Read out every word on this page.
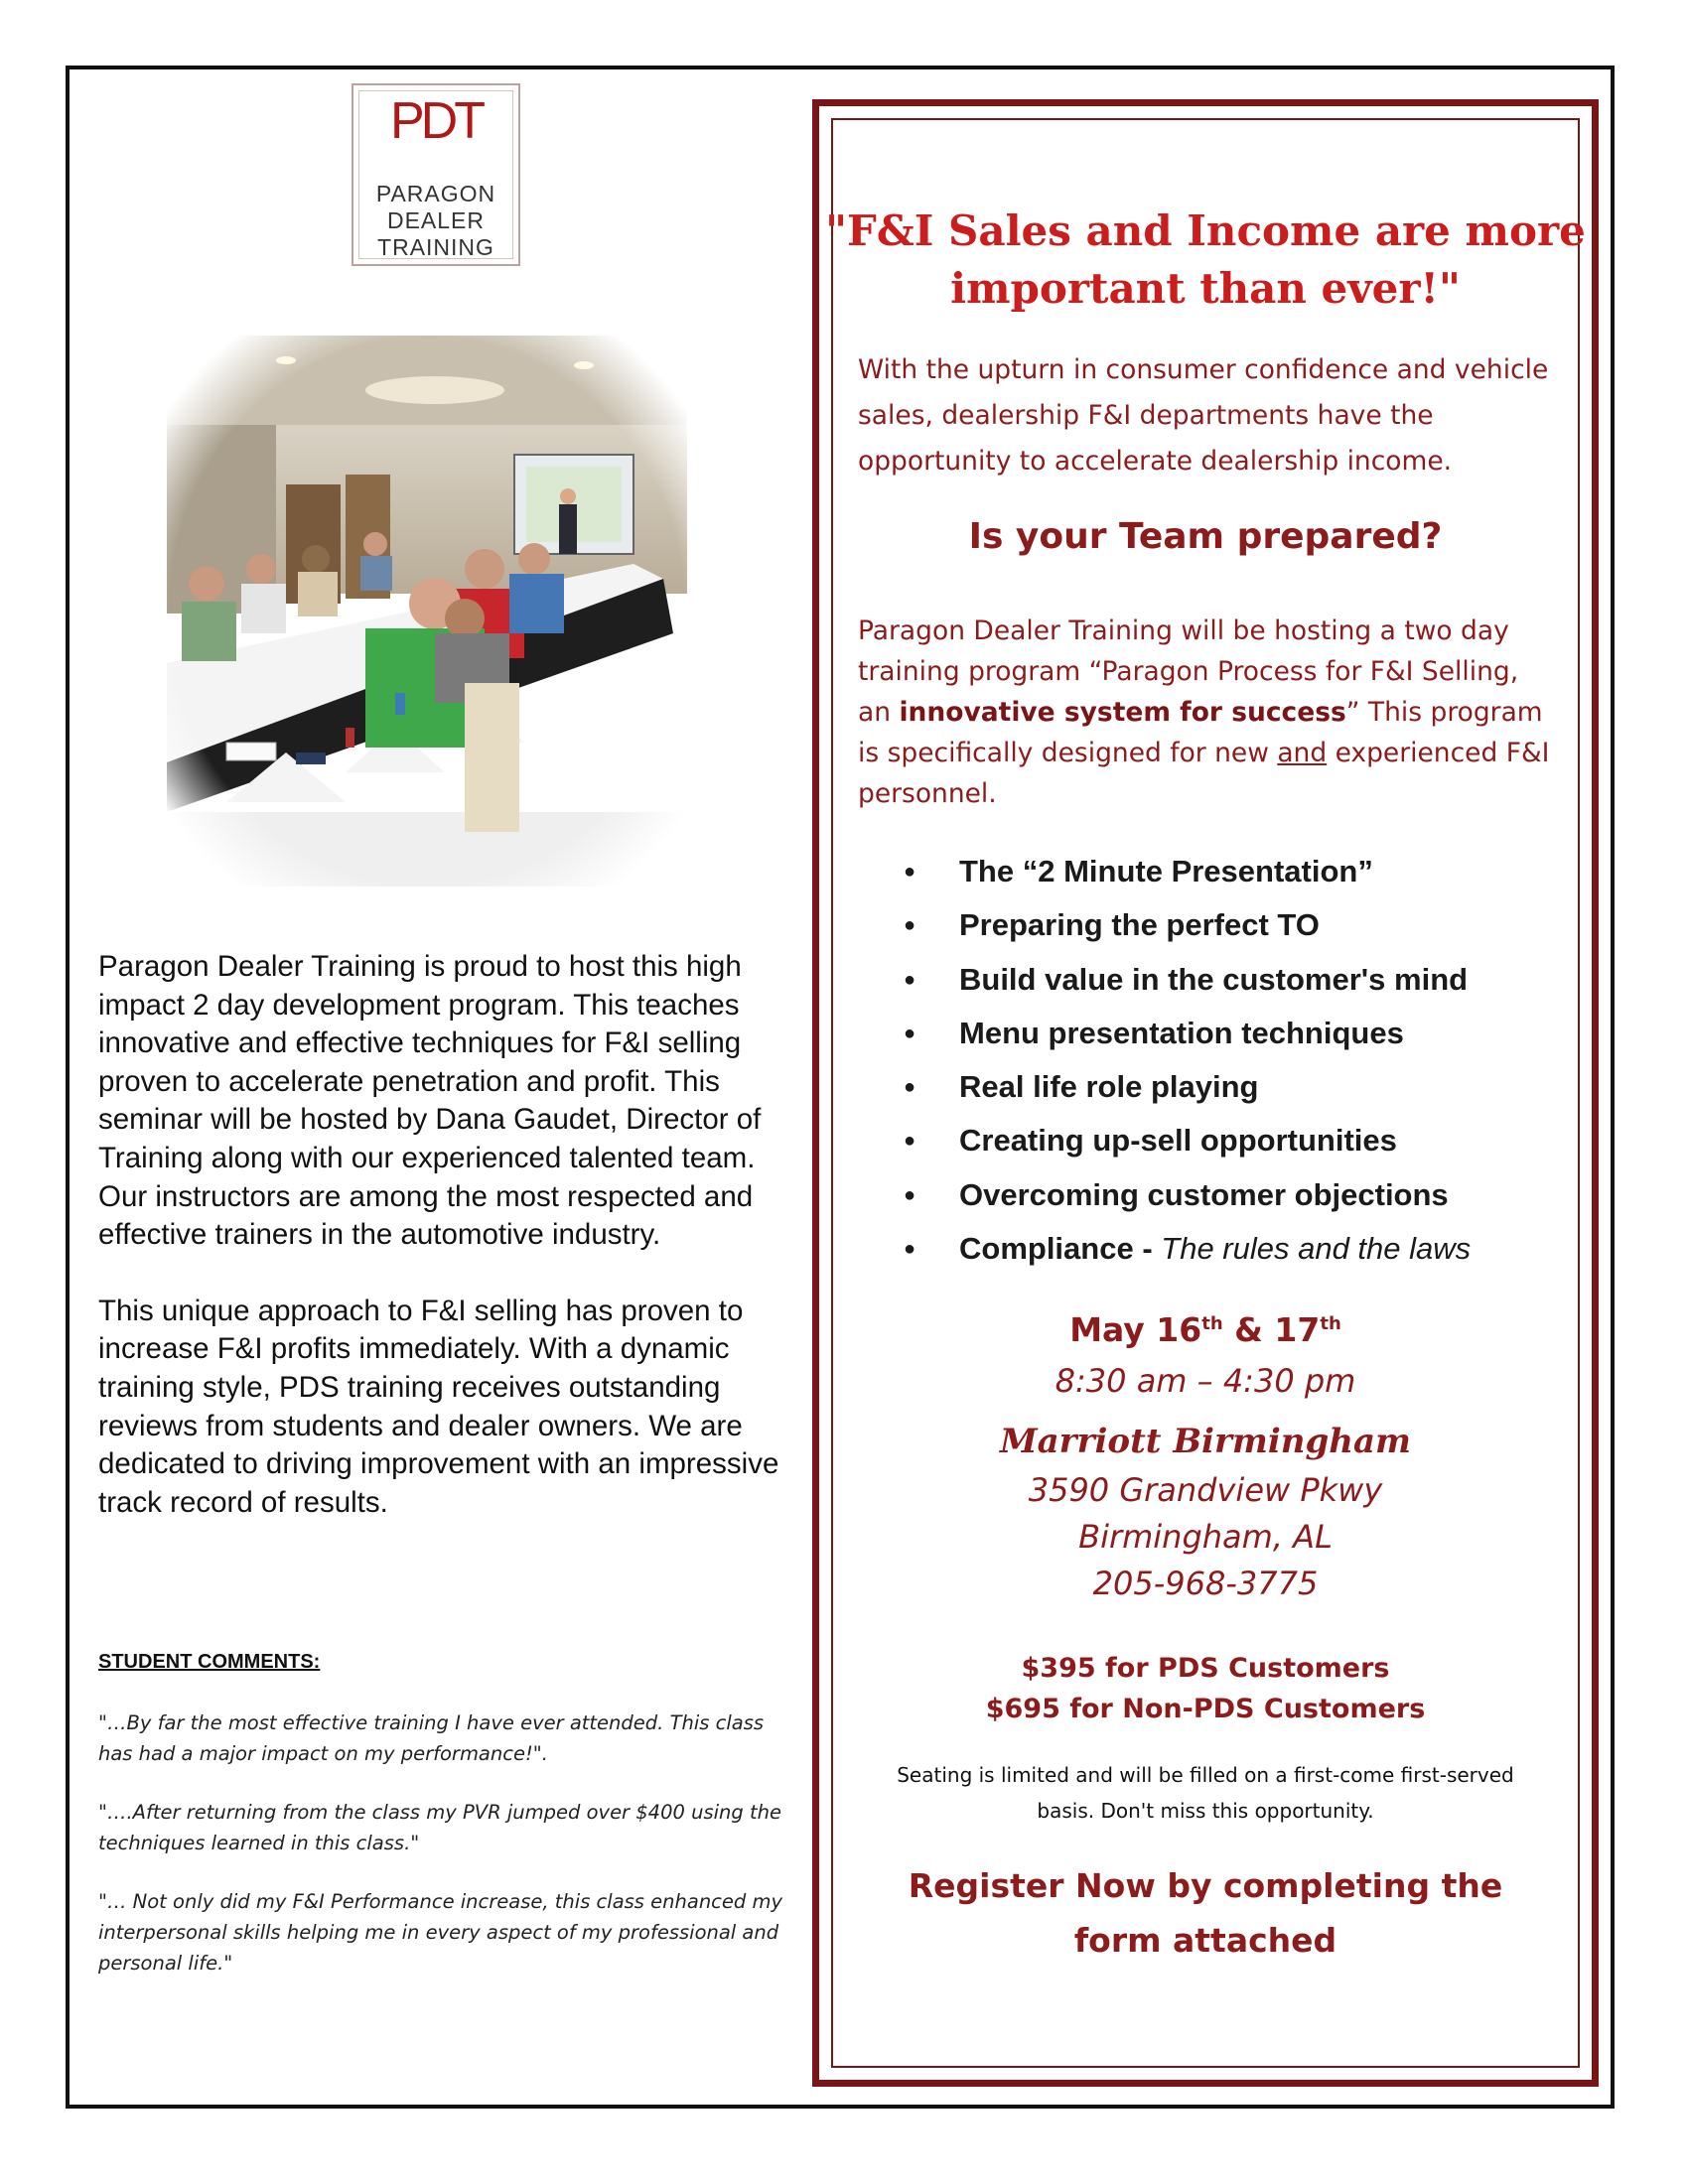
PDT
PARAGON
DEALER
TRAINING

Paragon Dealer Training is proud to host this high impact 2 day development program. This teaches innovative and effective techniques for F&I selling proven to accelerate penetration and profit. This seminar will be hosted by Dana Gaudet, Director of Training along with our experienced talented team. Our instructors are among the most respected and effective trainers in the automotive industry.

This unique approach to F&I selling has proven to increase F&I profits immediately. With a dynamic training style, PDS training receives outstanding reviews from students and dealer owners. We are dedicated to driving improvement with an impressive track record of results.

STUDENT COMMENTS:

"…By far the most effective training I have ever attended. This class has had a major impact on my performance!".

"….After returning from the class my PVR jumped over $400 using the techniques learned in this class."

"… Not only did my F&I Performance increase, this class enhanced my interpersonal skills helping me in every aspect of my professional and personal life."

"F&I Sales and Income are more important than ever!"
With the upturn in consumer confidence and vehicle sales, dealership F&I departments have the opportunity to accelerate dealership income.
Is your Team prepared?
Paragon Dealer Training will be hosting a two day training program “Paragon Process for F&I Selling, an innovative system for success” This program is specifically designed for new and experienced F&I personnel.
● The “2 Minute Presentation”
● Preparing the perfect TO
● Build value in the customer's mind
● Menu presentation techniques
● Real life role playing
● Creating up-sell opportunities
● Overcoming customer objections
● Compliance - The rules and the laws
May 16th & 17th
8:30 am – 4:30 pm
Marriott Birmingham
3590 Grandview Pkwy
Birmingham, AL
205-968-3775
$395 for PDS Customers
$695 for Non-PDS Customers
Seating is limited and will be filled on a first-come first-served basis. Don't miss this opportunity.
Register Now by completing the form attached
